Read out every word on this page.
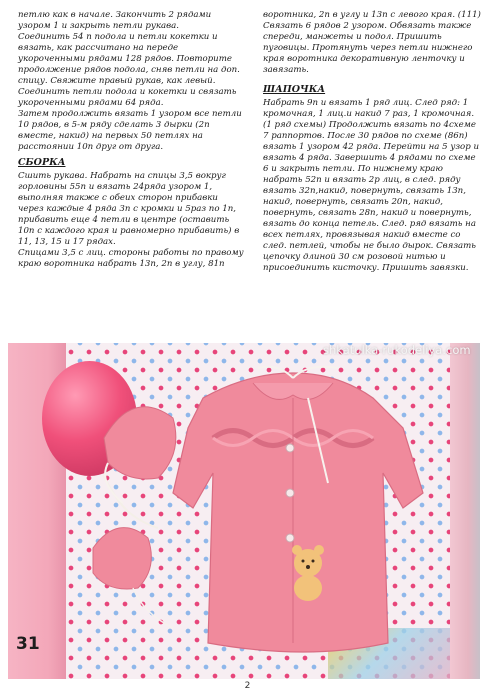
петлю как в начале. Закончить 2 рядами узором 1 и закрыть петли рукава.

Соединить 54 п подола и петли кокетки и вязать, как рассчитано на переде укороченными рядами 128 рядов. Повторите продолжение рядов подола, сняв петли на доп. спицу. Свяжите правый рукав, как левый.

Соединить петли подола и кокетки и связать укороченными рядами 64 ряда.

Затем продолжить вязать 1 узором все петли 10 рядов, в 5-м ряду сделать 3 дырки (2п вместе, накид) на первых 50 петлях на расстоянии 10п друг от друга.

СБОРКА

Сшить рукава. Набрать на спицы 3,5 вокруг горловины 55п и вязать 24ряда узором 1, выполняя также с обеих сторон прибавки через каждые 4 ряда 3п с кромки и 5раз по 1п, прибавить еще 4 петли в центре (оставить 10п с каждого края и равномерно прибавить) в 11, 13, 15 и 17 рядах.

Спицами 3,5 с лиц. стороны работы по правому краю воротника набрать 13п, 2п в углу, 81п

воротника, 2п в углу и 13п с левого края. (111) Связать 6 рядов 2 узором. Обвязать также спереди, манжеты и подол. Пришить пуговицы. Протянуть через петли нижнего края воротника декоративную ленточку и завязать.

ШАПОЧКА

Набрать 9п и вязать 1 ряд лиц. След ряд: 1 кромочная, 1 лиц.и накид 7 раз, 1 кромочная. (1 ряд схемы) Продолжить вязать по 4схеме 7 раппортов. После 30 рядов по схеме (86п) вязать 1 узором 42 ряда. Перейти на 5 узор и вязать 4 ряда. Завершить 4 рядами по схеме 6 и закрыть петли. По нижнему краю набрать 52п и вязать 2р лиц, в след. ряду вязать 32п,накид, повернуть, связать 13п, накид, повернуть, связать 20п, накид, повернуть, связать 28п, накид и повернуть, вязать до конца петель. След. ряд вязать на всех петлях, провязывая накид вместе со след. петлей, чтобы не было дырок. Связать цепочку длиной 30 см розовой нитью и присоединить кисточку. Пришить завязки.

31
shkatulka-rukodeliya.com
2
